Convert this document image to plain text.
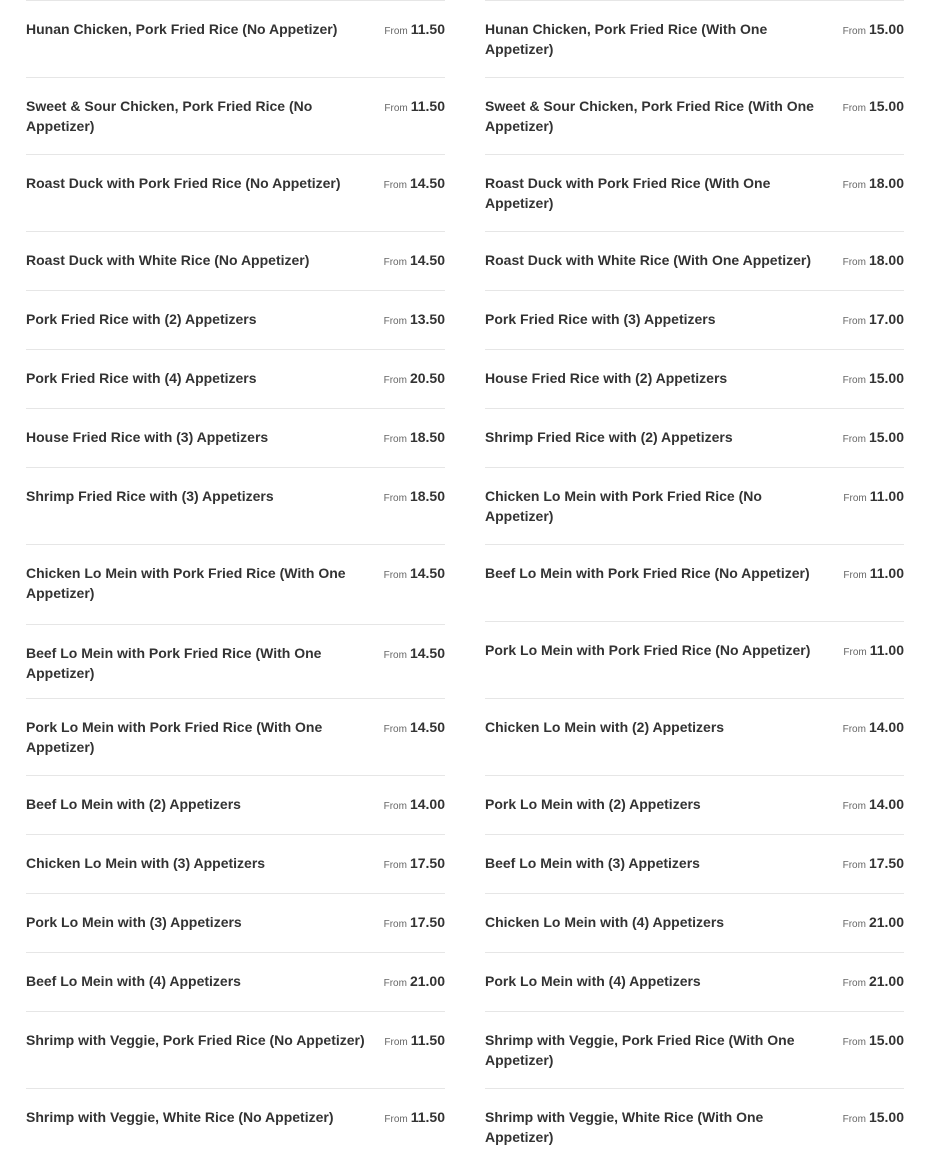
Hunan Chicken, Pork Fried Rice (No Appetizer)	From 11.50
Sweet & Sour Chicken, Pork Fried Rice (No Appetizer)
From 11.50
Roast Duck with Pork Fried Rice (No Appetizer)	From 14.50
Roast Duck with White Rice (No Appetizer)	From 14.50
Pork Fried Rice with (2) Appetizers	From 13.50
Pork Fried Rice with (4) Appetizers	From 20.50
House Fried Rice with (3) Appetizers	From 18.50
Shrimp Fried Rice with (3) Appetizers	From 18.50
Chicken Lo Mein with Pork Fried Rice (With One Appetizer)
From 14.50
Beef Lo Mein with Pork Fried Rice (With One Appetizer)
From 14.50
Pork Lo Mein with Pork Fried Rice (With One Appetizer)
From 14.50
Beef Lo Mein with (2) Appetizers	From 14.00
Chicken Lo Mein with (3) Appetizers	From 17.50
Pork Lo Mein with (3) Appetizers	From 17.50
Beef Lo Mein with (4) Appetizers	From 21.00
Shrimp with Veggie, Pork Fried Rice (No Appetizer) From 11.50
Shrimp with Veggie, White Rice (No Appetizer)	From 11.50
Hunan Chicken, Pork Fried Rice (With One Appetizer)
From 15.00
Sweet & Sour Chicken, Pork Fried Rice (With One Appetizer)
From 15.00
Roast Duck with Pork Fried Rice (With One Appetizer)
From 18.00
Roast Duck with White Rice (With One Appetizer)	From 18.00
Pork Fried Rice with (3) Appetizers	From 17.00
House Fried Rice with (2) Appetizers	From 15.00
Shrimp Fried Rice with (2) Appetizers	From 15.00
Chicken Lo Mein with Pork Fried Rice (No Appetizer)
From 11.00
Beef Lo Mein with Pork Fried Rice (No Appetizer)	From 11.00
Pork Lo Mein with Pork Fried Rice (No Appetizer)	From 11.00
Chicken Lo Mein with (2) Appetizers	From 14.00
Pork Lo Mein with (2) Appetizers	From 14.00
Beef Lo Mein with (3) Appetizers	From 17.50
Chicken Lo Mein with (4) Appetizers	From 21.00
Pork Lo Mein with (4) Appetizers	From 21.00
Shrimp with Veggie, Pork Fried Rice (With One Appetizer)
From 15.00
Shrimp with Veggie, White Rice (With One Appetizer)
From 15.00
